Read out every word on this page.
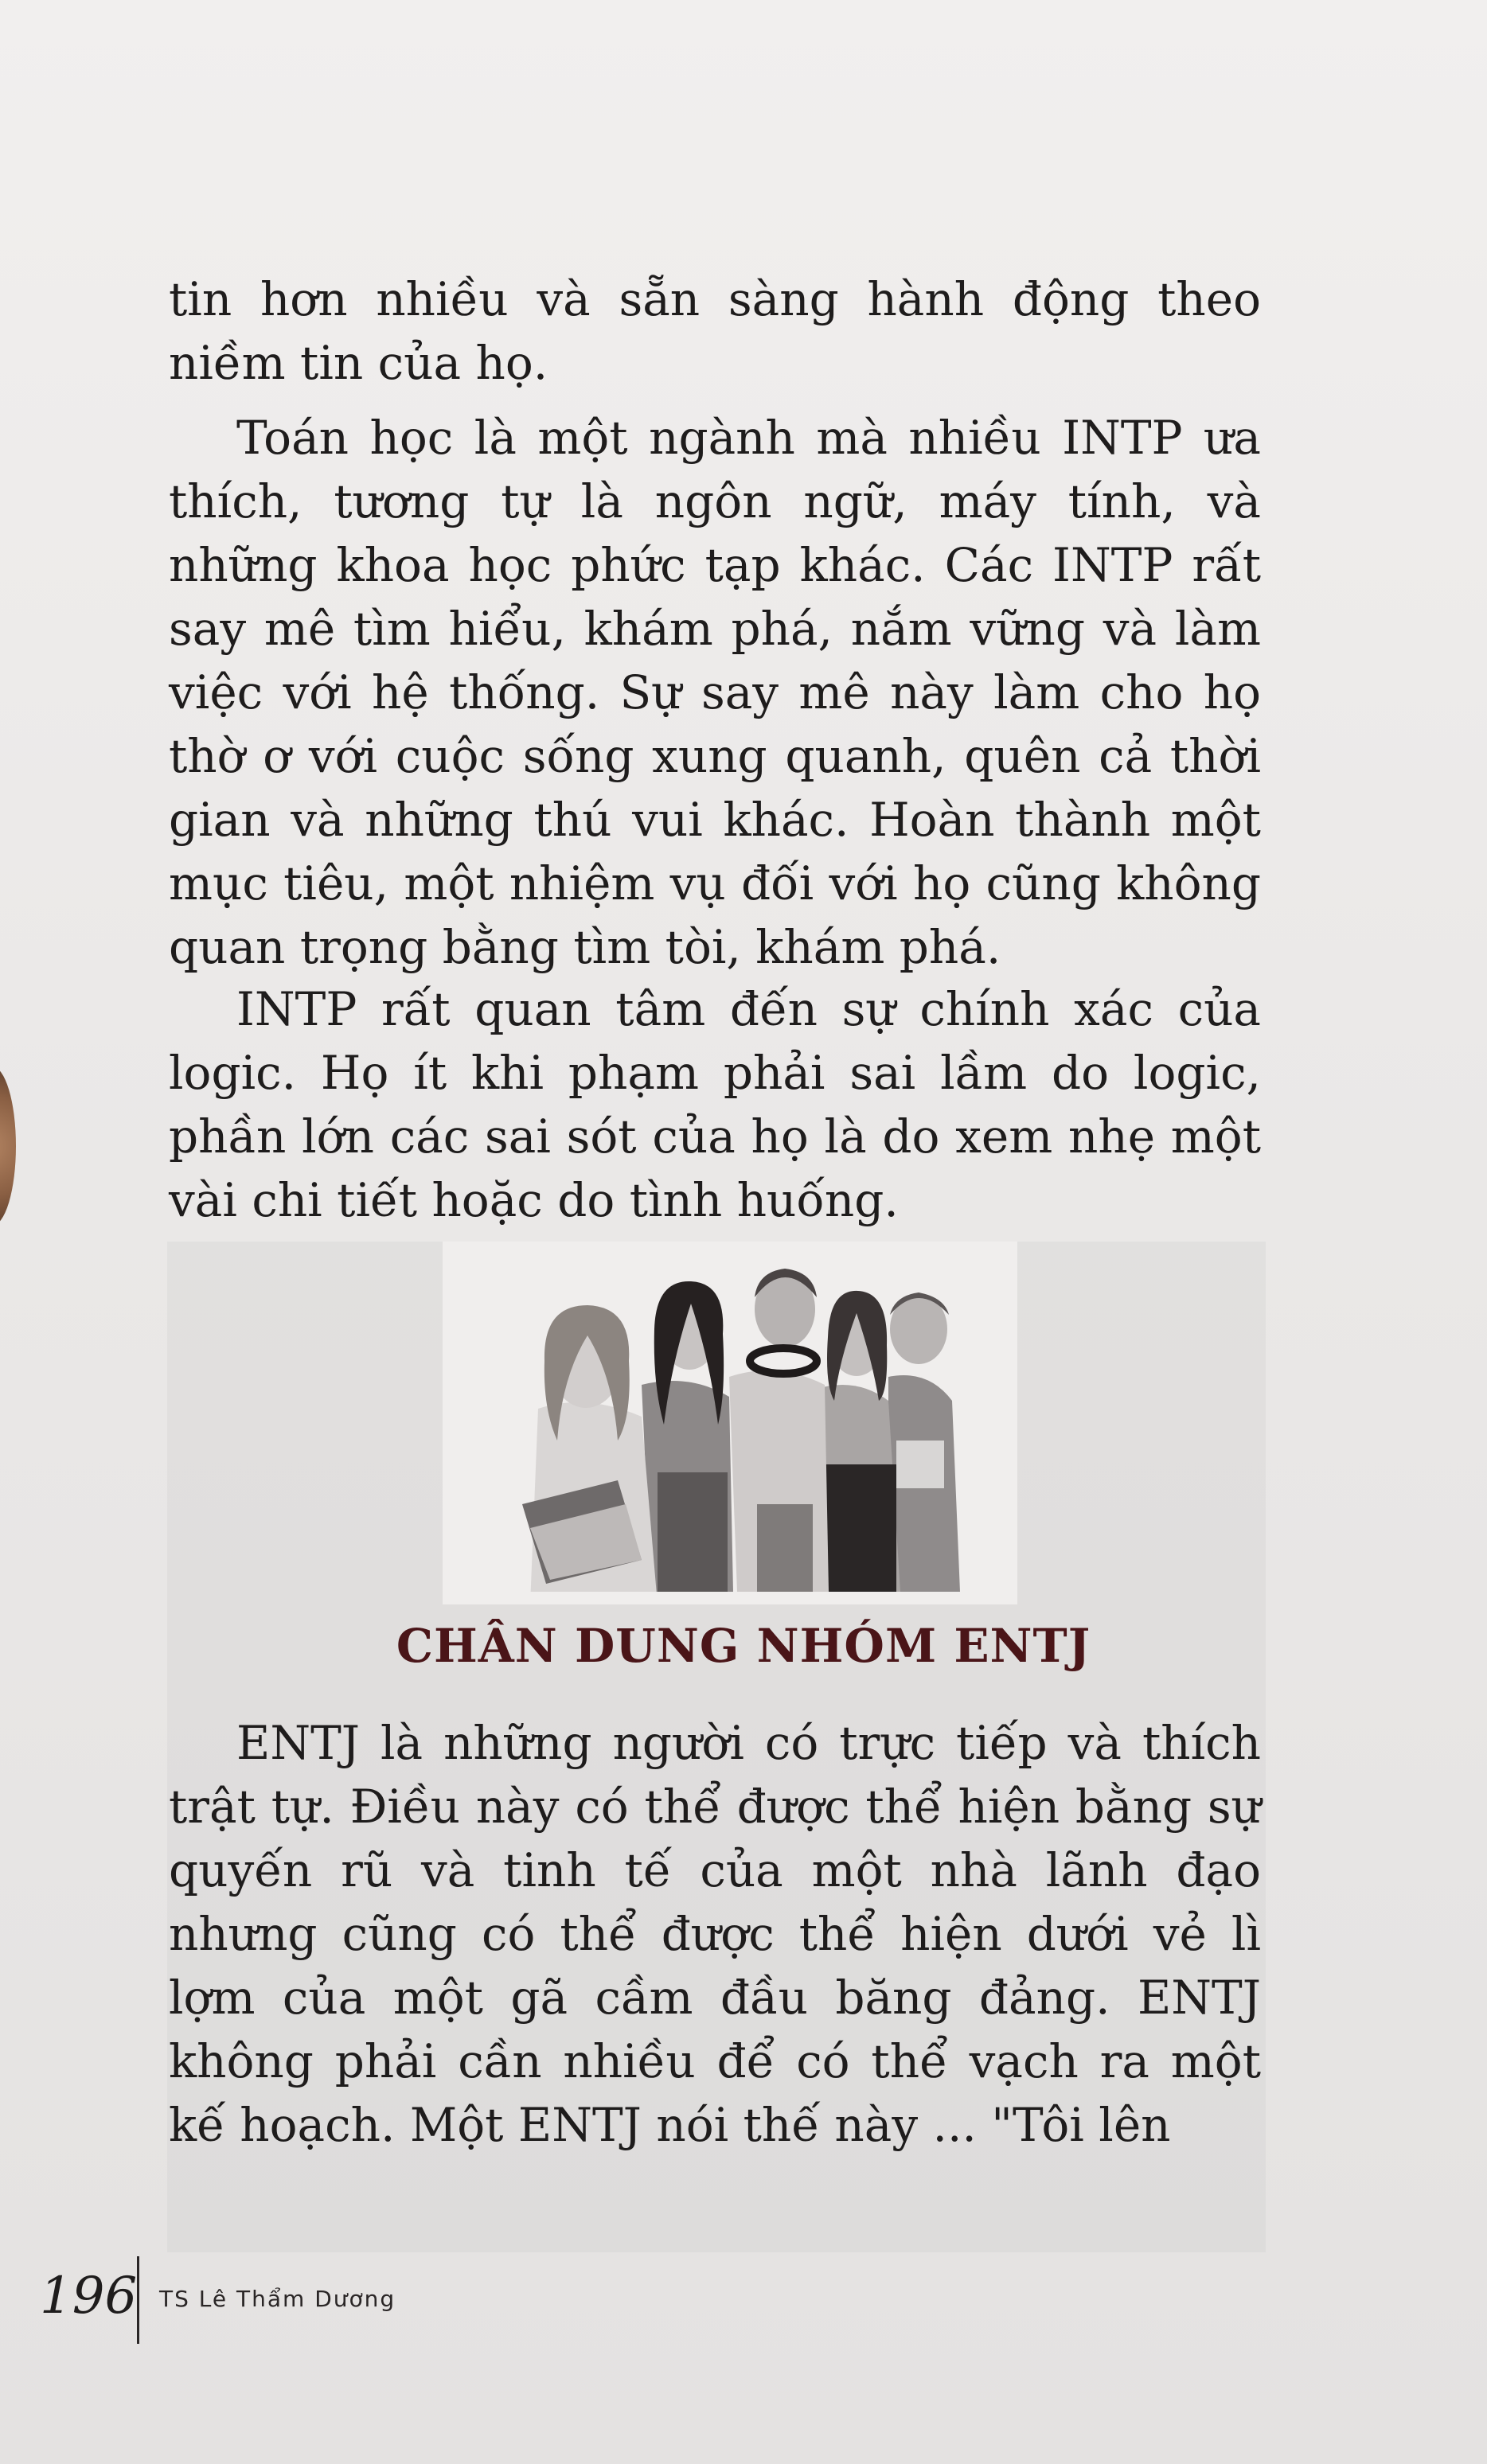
tin hơn nhiều và sẵn sàng hành động theo niềm tin của họ.

Toán học là một ngành mà nhiều INTP ưa thích, tương tự là ngôn ngữ, máy tính, và những khoa học phức tạp khác. Các INTP rất say mê tìm hiểu, khám phá, nắm vững và làm việc với hệ thống. Sự say mê này làm cho họ thờ ơ với cuộc sống xung quanh, quên cả thời gian và những thú vui khác. Hoàn thành một mục tiêu, một nhiệm vụ đối với họ cũng không quan trọng bằng tìm tòi, khám phá.

INTP rất quan tâm đến sự chính xác của logic. Họ ít khi phạm phải sai lầm do logic, phần lớn các sai sót của họ là do xem nhẹ một vài chi tiết hoặc do tình huống.

CHÂN DUNG NHÓM ENTJ

ENTJ là những người có trực tiếp và thích trật tự. Điều này có thể được thể hiện bằng sự quyến rũ và tinh tế của một nhà lãnh đạo nhưng cũng có thể được thể hiện dưới vẻ lì lợm của một gã cầm đầu băng đảng. ENTJ không phải cần nhiều để có thể vạch ra một kế hoạch. Một ENTJ nói thế này ... "Tôi lên

196 TS Lê Thẩm Dương
